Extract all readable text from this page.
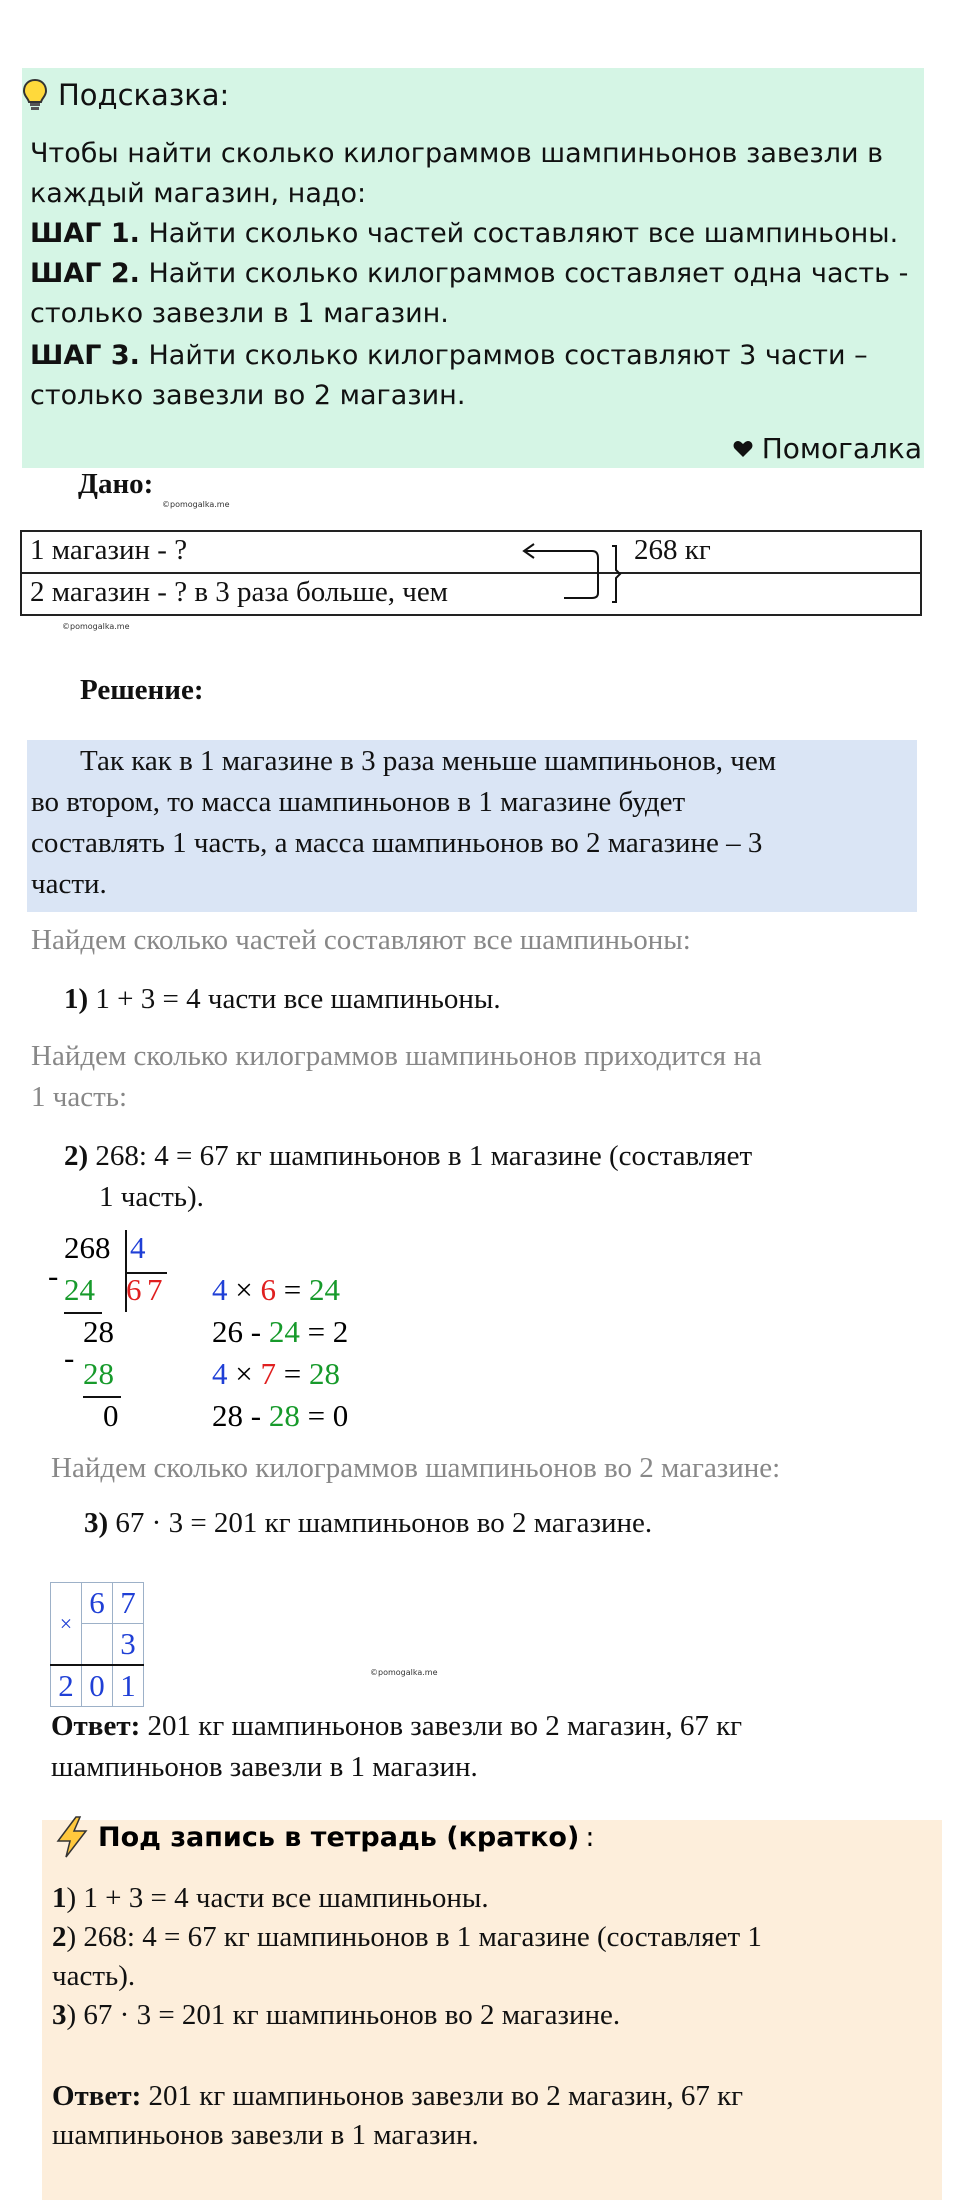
Подсказка:
Чтобы найти сколько килограммов шампиньонов завезли в
каждый магазин, надо:
ШАГ 1. Найти сколько частей составляют все шампиньоны.
ШАГ 2. Найти сколько килограммов составляет одна часть -
столько завезли в 1 магазин.
ШАГ 3. Найти сколько килограммов составляют 3 части –
столько завезли во 2 магазин.
Помогалка
Дано:
©pomogalka.me

1 магазин - ?
2 магазин - ? в 3 раза больше, чем
268 кг
©pomogalka.me
Решение:
Так как в 1 магазине в 3 раза меньше шампиньонов, чем
во втором, то масса шампиньонов в 1 магазине будет
составлять 1 часть, а масса шампиньонов во 2 магазине – 3
части.
Найдем сколько частей составляют все шампиньоны:
1) 1 + 3 = 4 части все шампиньоны.
Найдем сколько килограммов шампиньонов приходится на
1 часть:
2) 268: 4 = 67 кг шампиньонов в 1 магазине (составляет
1 часть).
268 4
- 24 6 7
28
- 28
0
4 × 6 = 24
26 - 24 = 2
4 × 7 = 28
28 - 28 = 0
Найдем сколько килограммов шампиньонов во 2 магазине:
3) 67 · 3 = 201 кг шампиньонов во 2 магазине.
×	6	7
		3
2	0	1	©pomogalka.me
Ответ: 201 кг шампиньонов завезли во 2 магазин, 67 кг
шампиньонов завезли в 1 магазин.
Под запись в тетрадь (кратко) :
1) 1 + 3 = 4 части все шампиньоны.
2) 268: 4 = 67 кг шампиньонов в 1 магазине (составляет 1
часть).
3) 67 · 3 = 201 кг шампиньонов во 2 магазине.
Ответ: 201 кг шампиньонов завезли во 2 магазин, 67 кг
шампиньонов завезли в 1 магазин.
